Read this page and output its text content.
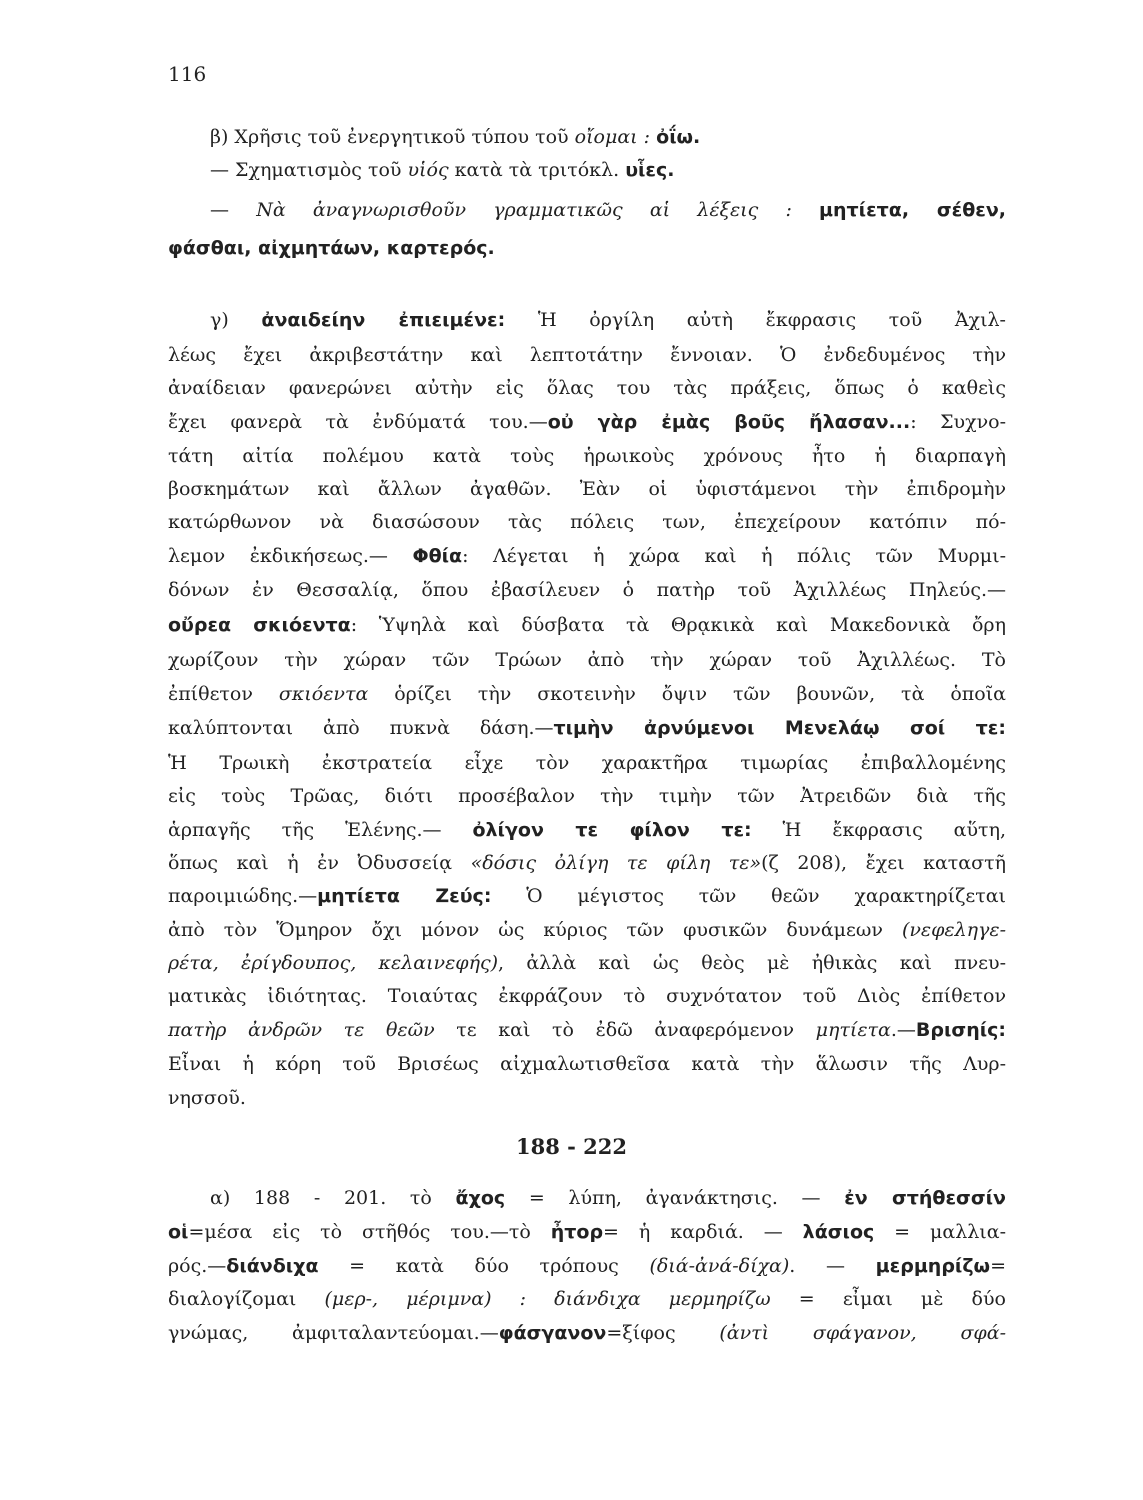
116
β) Χρῆσις τοῦ ἐνεργητικοῦ τύπου τοῦ οἴομαι : ὀΐω.
— Σχηματισμὸς τοῦ υἱός κατὰ τὰ τριτόκλ. υἷες.
— Νὰ ἀναγνωρισθοῦν γραμματικῶς αἱ λέξεις : μητίετα, σέθεν,
φάσθαι, αἰχμητάων, καρτερός.
γ) ἀναιδείην ἐπιειμένε: Ἡ ὀργίλη αὐτὴ ἔκφρασις τοῦ Ἀχιλ-
λέως ἔχει ἀκριβεστάτην καὶ λεπτοτάτην ἔννοιαν. Ὁ ἐνδεδυμένος τὴν
ἀναίδειαν φανερώνει αὐτὴν εἰς ὅλας του τὰς πράξεις, ὅπως ὁ καθεὶς
ἔχει φανερὰ τὰ ἐνδύματά του.—οὐ γὰρ ἐμὰς βοῦς ἤλασαν...: Συχνο-
τάτη αἰτία πολέμου κατὰ τοὺς ἡρωικοὺς χρόνους ἦτο ἡ διαρπαγὴ
βοσκημάτων καὶ ἄλλων ἀγαθῶν. Ἐὰν οἱ ὑφιστάμενοι τὴν ἐπιδρομὴν
κατώρθωνον νὰ διασώσουν τὰς πόλεις των, ἐπεχείρουν κατόπιν πό-
λεμον ἐκδικήσεως.— Φθία: Λέγεται ἡ χώρα καὶ ἡ πόλις τῶν Μυρμι-
δόνων ἐν Θεσσαλίᾳ, ὅπου ἐβασίλευεν ὁ πατὴρ τοῦ Ἀχιλλέως Πηλεύς.—
οὔρεα σκιόεντα: Ὑψηλὰ καὶ δύσβατα τὰ Θρᾳκικὰ καὶ Μακεδονικὰ ὄρη
χωρίζουν τὴν χώραν τῶν Τρώων ἀπὸ τὴν χώραν τοῦ Ἀχιλλέως. Τὸ
ἐπίθετον σκιόεντα ὁρίζει τὴν σκοτεινὴν ὄψιν τῶν βουνῶν, τὰ ὁποῖα
καλύπτονται ἀπὸ πυκνὰ δάση.—τιμὴν ἀρνύμενοι Μενελάῳ σοί τε:
Ἡ Τρωικὴ ἐκστρατεία εἶχε τὸν χαρακτῆρα τιμωρίας ἐπιβαλλομένης
εἰς τοὺς Τρῶας, διότι προσέβαλον τὴν τιμὴν τῶν Ἀτρειδῶν διὰ τῆς
ἁρπαγῆς τῆς Ἑλένης.— ὀλίγον τε φίλον τε: Ἡ ἔκφρασις αὕτη,
ὅπως καὶ ἡ ἐν Ὀδυσσείᾳ «δόσις ὀλίγη τε φίλη τε»(ζ 208), ἔχει καταστῆ
παροιμιώδης.—μητίετα Ζεύς: Ὁ μέγιστος τῶν θεῶν χαρακτηρίζεται
ἀπὸ τὸν Ὅμηρον ὄχι μόνον ὡς κύριος τῶν φυσικῶν δυνάμεων (νεφεληγε-
ρέτα, ἐρίγδουπος, κελαινεφής), ἀλλὰ καὶ ὡς θεὸς μὲ ἠθικὰς καὶ πνευ-
ματικὰς ἰδιότητας. Τοιαύτας ἐκφράζουν τὸ συχνότατον τοῦ Διὸς ἐπίθετον
πατὴρ ἀνδρῶν τε θεῶν τε καὶ τὸ ἐδῶ ἀναφερόμενον μητίετα.—Βρισηίς:
Εἶναι ἡ κόρη τοῦ Βρισέως αἰχμαλωτισθεῖσα κατὰ τὴν ἅλωσιν τῆς Λυρ-
νησσοῦ.
α) 188 - 201. τὸ ἄχος = λύπη, ἀγανάκτησις. — ἐν στήθεσσίν
οἱ=μέσα εἰς τὸ στῆθός του.—τὸ ἦτορ= ἡ καρδιά. — λάσιος = μαλλια-
ρός.—διάνδιχα = κατὰ δύο τρόπους (διά-ἀνά-δίχα). — μερμηρίζω=
διαλογίζομαι (μερ-, μέριμνα) : διάνδιχα μερμηρίζω = εἶμαι μὲ δύο
γνώμας, ἀμφιταλαντεύομαι.—φάσγανον=ξίφος (ἀντὶ σφάγανον, σφά-
188 - 222
